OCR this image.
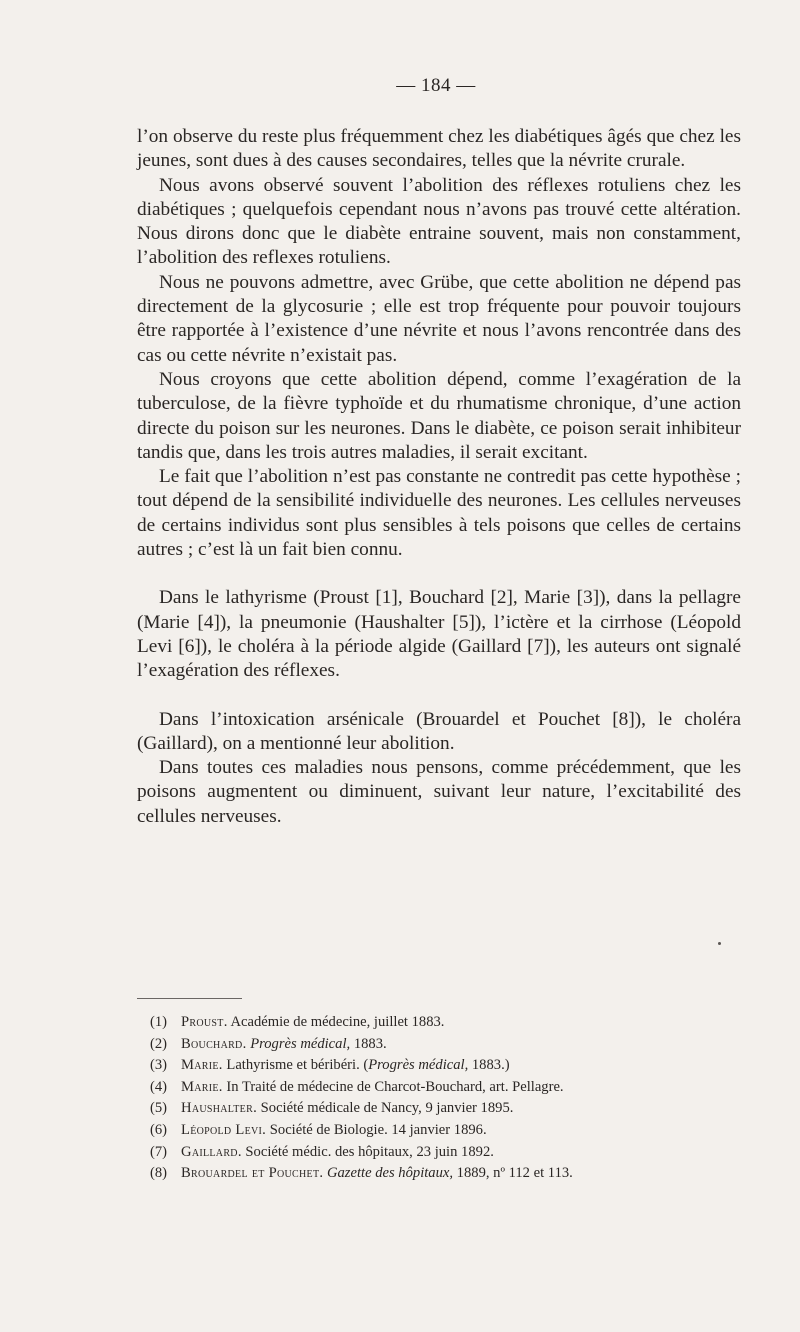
— 184 —

l’on observe du reste plus fréquemment chez les diabétiques âgés que chez les jeunes, sont dues à des causes secondaires, telles que la névrite crurale.

Nous avons observé souvent l’abolition des réflexes rotuliens chez les diabétiques ; quelquefois cependant nous n’avons pas trouvé cette altération. Nous dirons donc que le diabète entraine souvent, mais non constamment, l’abolition des reflexes rotuliens.

Nous ne pouvons admettre, avec Grübe, que cette abolition ne dépend pas directement de la glycosurie ; elle est trop fréquente pour pouvoir toujours être rapportée à l’existence d’une névrite et nous l’avons rencontrée dans des cas ou cette névrite n’existait pas.

Nous croyons que cette abolition dépend, comme l’exagération de la tuberculose, de la fièvre typhoïde et du rhumatisme chronique, d’une action directe du poison sur les neurones. Dans le diabète, ce poison serait inhibiteur tandis que, dans les trois autres maladies, il serait excitant.

Le fait que l’abolition n’est pas constante ne contredit pas cette hypothèse ; tout dépend de la sensibilité individuelle des neurones. Les cellules nerveuses de certains individus sont plus sensibles à tels poisons que celles de certains autres ; c’est là un fait bien connu.

Dans le lathyrisme (Proust [1], Bouchard [2], Marie [3]), dans la pellagre (Marie [4]), la pneumonie (Haushalter [5]), l’ictère et la cirrhose (Léopold Levi [6]), le choléra à la période algide (Gaillard [7]), les auteurs ont signalé l’exagération des réflexes.

Dans l’intoxication arsénicale (Brouardel et Pouchet [8]), le choléra (Gaillard), on a mentionné leur abolition.

Dans toutes ces maladies nous pensons, comme précédemment, que les poisons augmentent ou diminuent, suivant leur nature, l’excitabilité des cellules nerveuses.

(1) Proust. Académie de médecine, juillet 1883.
(2) Bouchard. Progrès médical, 1883.
(3) Marie. Lathyrisme et béribéri. (Progrès médical, 1883.)
(4) Marie. In Traité de médecine de Charcot-Bouchard, art. Pellagre.
(5) Haushalter. Société médicale de Nancy, 9 janvier 1895.
(6) Léopold Levi. Société de Biologie. 14 janvier 1896.
(7) Gaillard. Société médic. des hôpitaux, 23 juin 1892.
(8) Brouardel et Pouchet. Gazette des hôpitaux, 1889, nº 112 et 113.
